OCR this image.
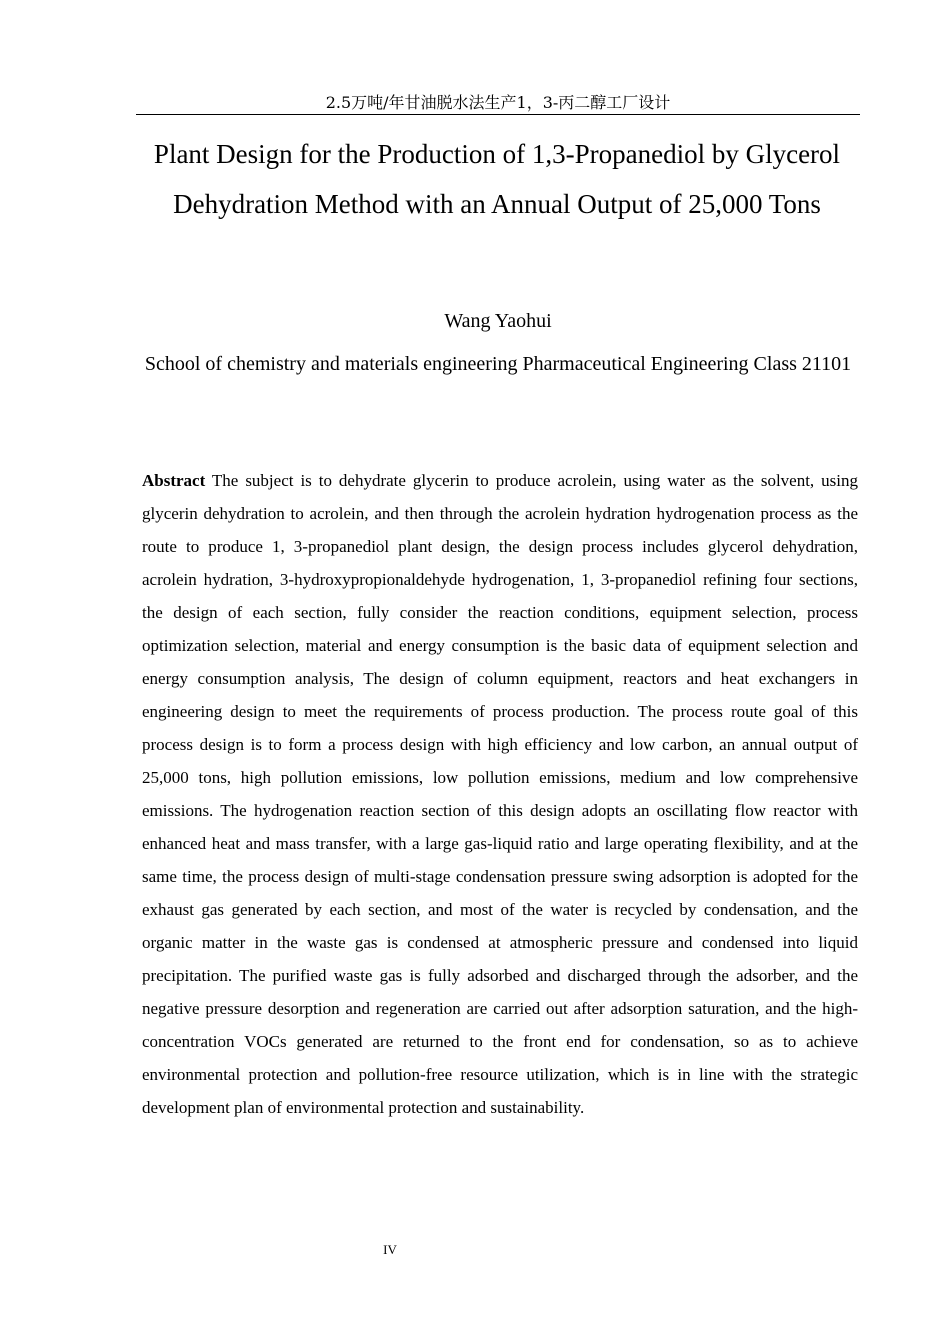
2.5万吨/年甘油脱水法生产1，3-丙二醇工厂设计
Plant Design for the Production of 1,3-Propanediol by Glycerol Dehydration Method with an Annual Output of 25,000 Tons
Wang Yaohui
School of chemistry and materials engineering Pharmaceutical Engineering Class 21101

Abstract The subject is to dehydrate glycerin to produce acrolein, using water as the solvent, using glycerin dehydration to acrolein, and then through the acrolein hydration hydrogenation process as the route to produce 1, 3-propanediol plant design, the design process includes glycerol dehydration, acrolein hydration, 3-hydroxypropionaldehyde hydrogenation, 1, 3-propanediol refining four sections, the design of each section, fully consider the reaction conditions, equipment selection, process optimization selection, material and energy consumption is the basic data of equipment selection and energy consumption analysis, The design of column equipment, reactors and heat exchangers in engineering design to meet the requirements of process production. The process route goal of this process design is to form a process design with high efficiency and low carbon, an annual output of 25,000 tons, high pollution emissions, low pollution emissions, medium and low comprehensive emissions. The hydrogenation reaction section of this design adopts an oscillating flow reactor with enhanced heat and mass transfer, with a large gas-liquid ratio and large operating flexibility, and at the same time, the process design of multi-stage condensation pressure swing adsorption is adopted for the exhaust gas generated by each section, and most of the water is recycled by condensation, and the organic matter in the waste gas is condensed at atmospheric pressure and condensed into liquid precipitation. The purified waste gas is fully adsorbed and discharged through the adsorber, and the negative pressure desorption and regeneration are carried out after adsorption saturation, and the high-concentration VOCs generated are returned to the front end for condensation, so as to achieve environmental protection and pollution-free resource utilization, which is in line with the strategic development plan of environmental protection and sustainability.

IV
